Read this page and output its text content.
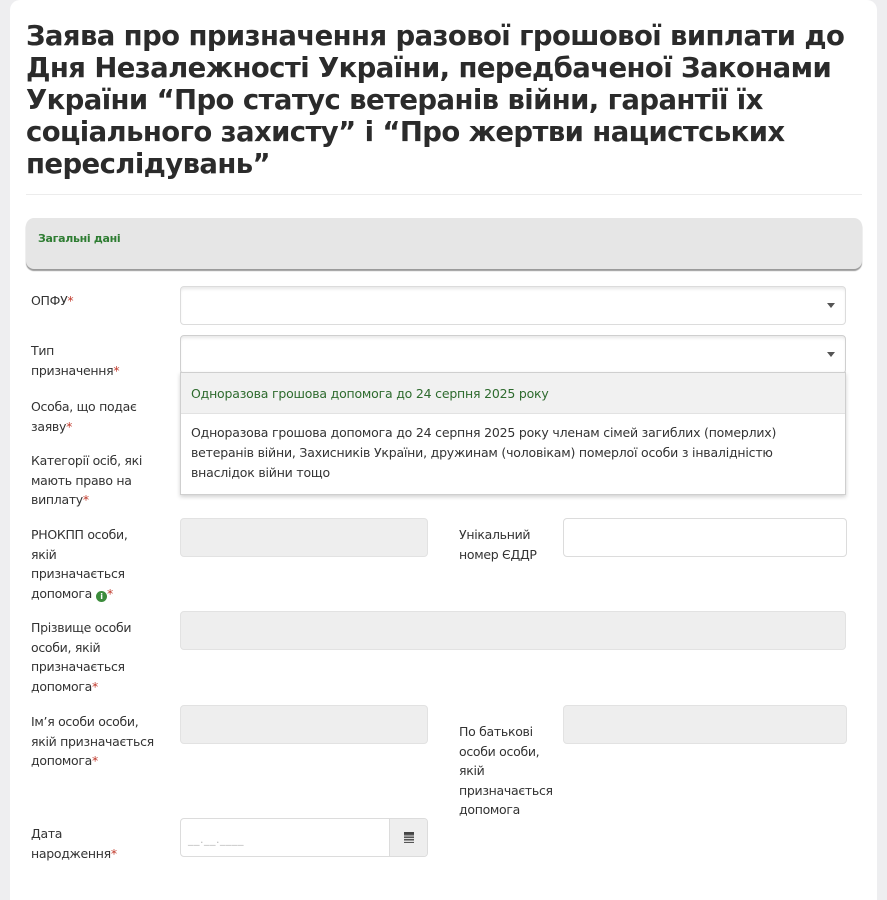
Заява про призначення разової грошової виплати до Дня Незалежності України, передбаченої Законами України “Про статус ветеранів війни, гарантії їх соціального захисту” і “Про жертви нацистських переслідувань”
Загальні дані
ОПФУ*
Тип призначення*
Одноразова грошова допомога до 24 серпня 2025 року
Одноразова грошова допомога до 24 серпня 2025 року членам сімей загиблих (померлих) ветеранів війни, Захисників України, дружинам (чоловікам) померлої особи з інвалідністю внаслідок війни тощо
Особа, що подає заяву*
Категорії осіб, які мають право на виплату*
РНОКПП особи, якій призначається допомога i *
Унікальний номер ЄДДР
Прізвище особи особи, якій призначається допомога*
Ім’я особи особи, якій призначається допомога*
По батькові особи особи, якій призначається допомога
Дата народження*
__.__.____
